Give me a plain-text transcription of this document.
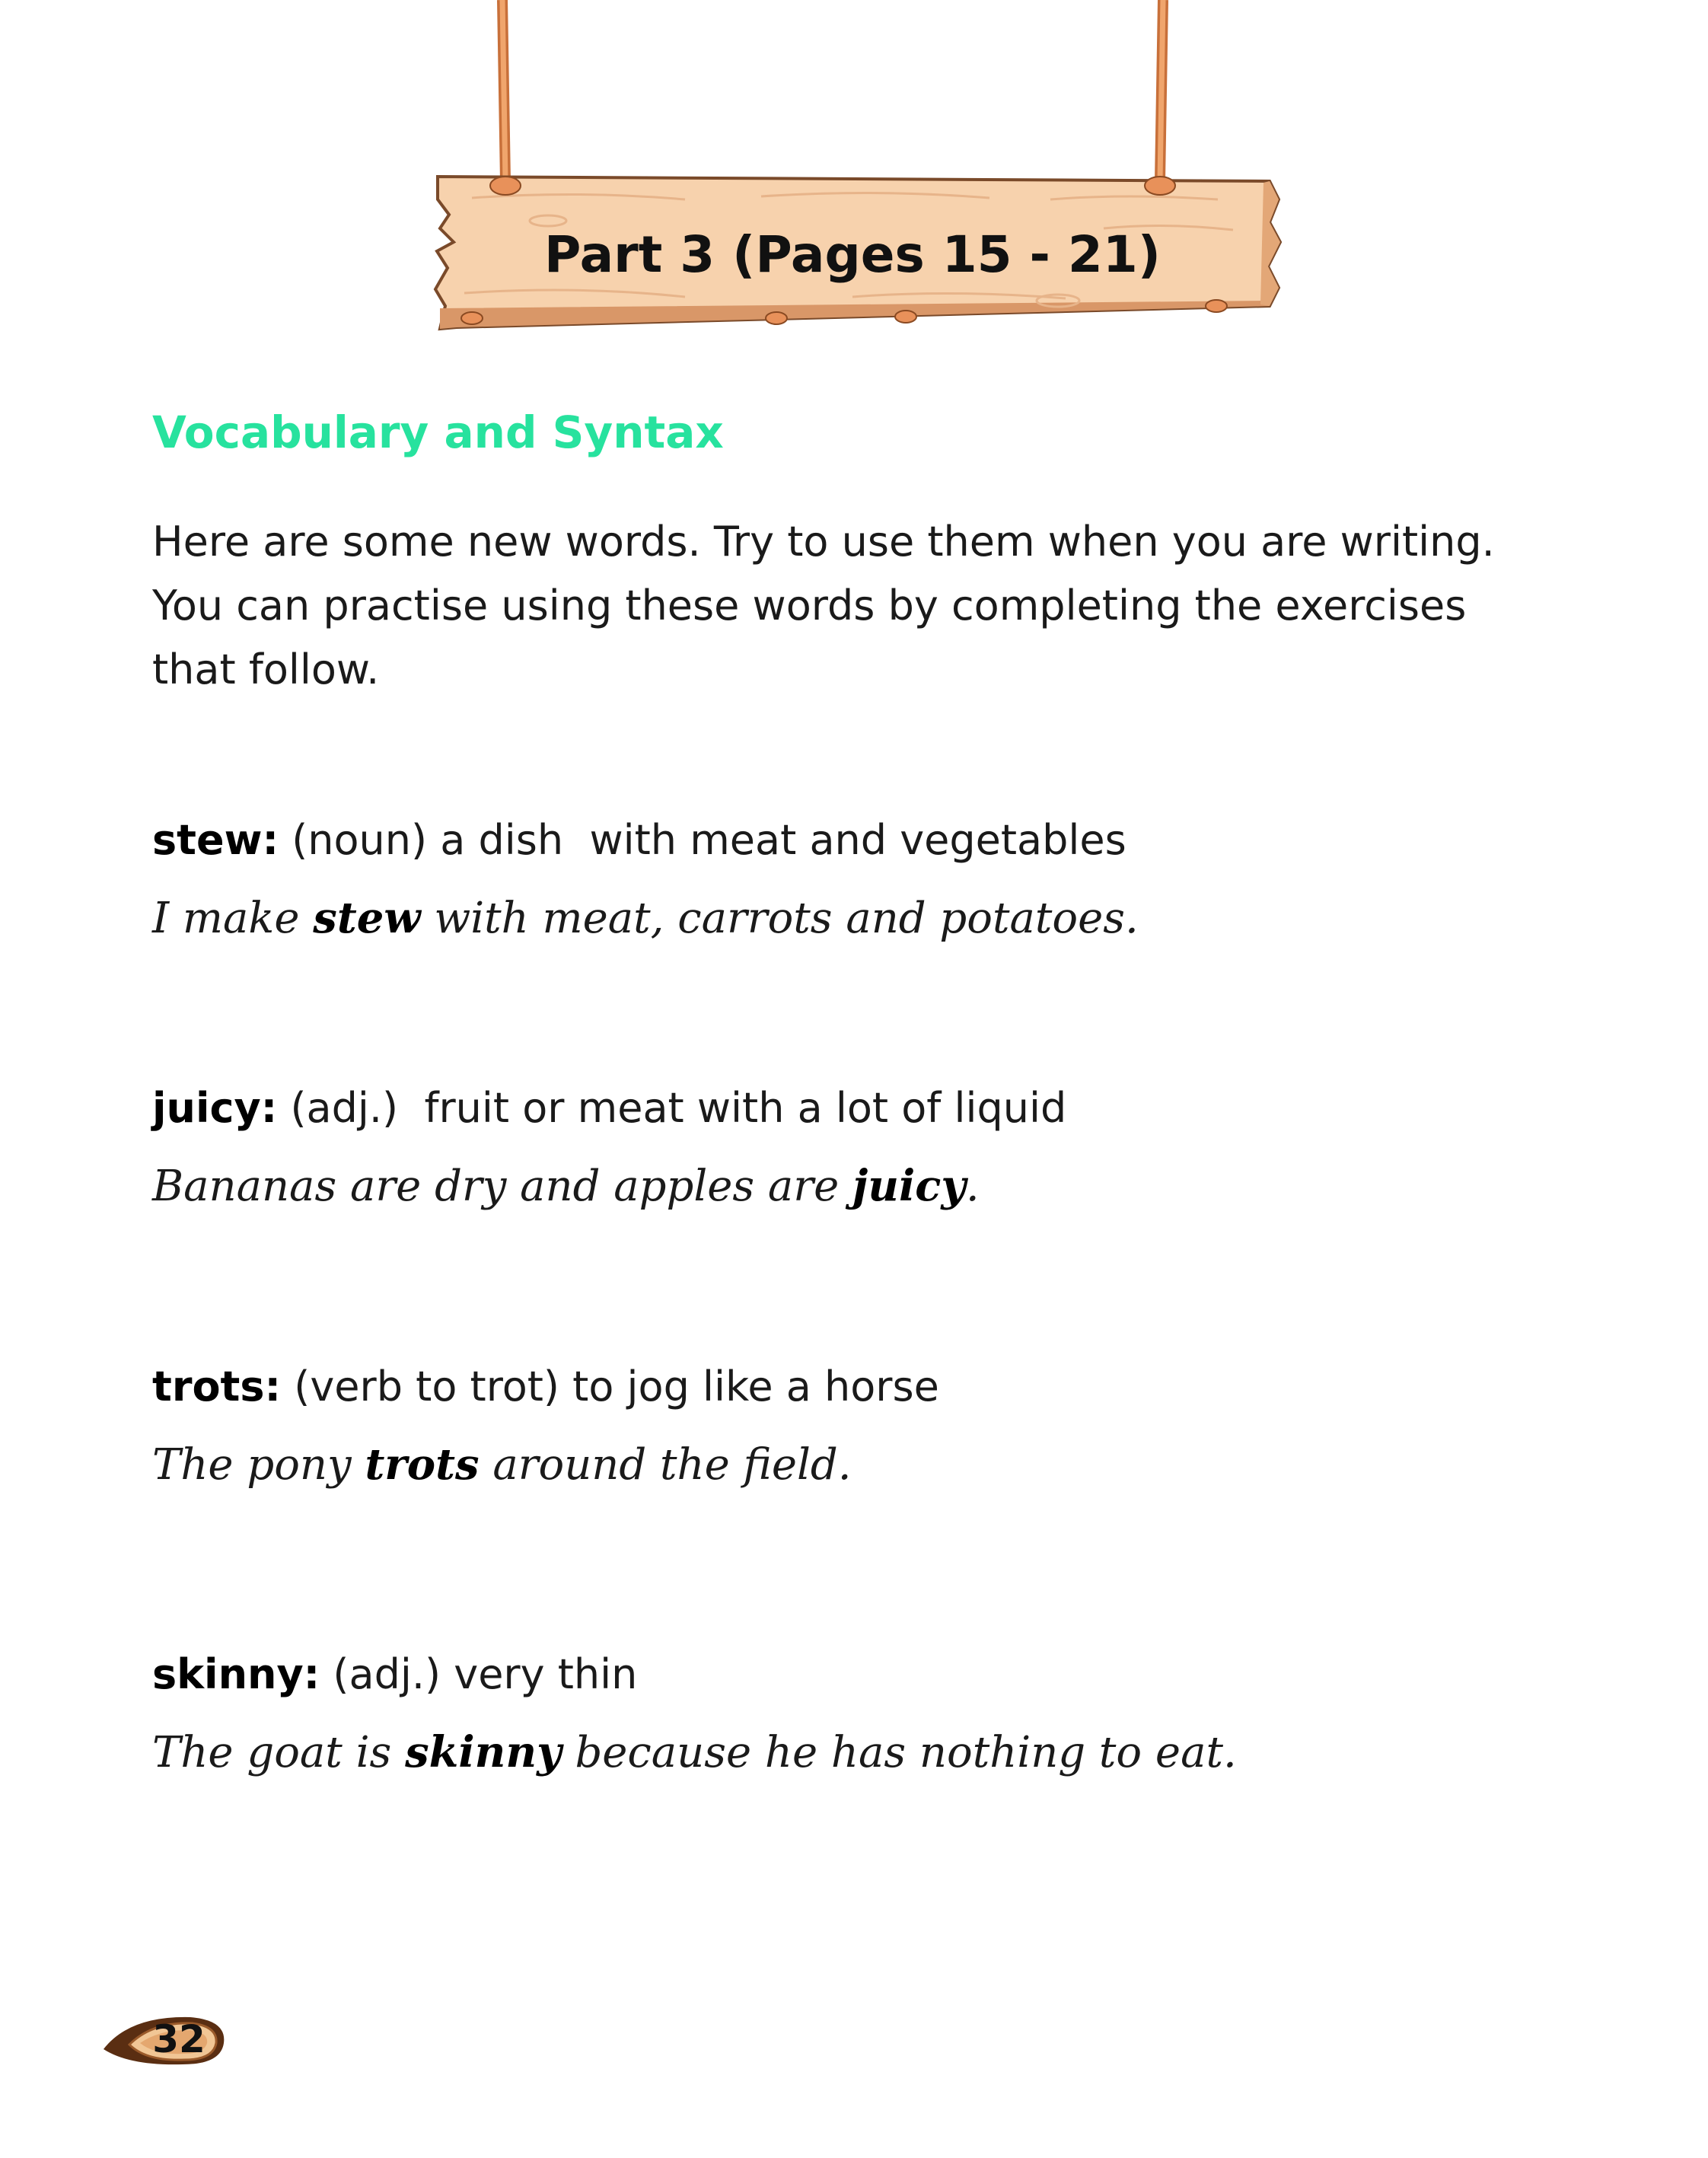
Part 3 (Pages 15 - 21)
Vocabulary and Syntax

Here are some new words. Try to use them when you are writing. You can practise using these words by completing the exercises that follow.

stew: (noun) a dish  with meat and vegetables

I make stew with meat, carrots and potatoes.

juicy: (adj.)  fruit or meat with a lot of liquid

Bananas are dry and apples are juicy.

trots: (verb to trot) to jog like a horse

The pony trots around the field.

skinny: (adj.) very thin

The goat is skinny because he has nothing to eat.

32
